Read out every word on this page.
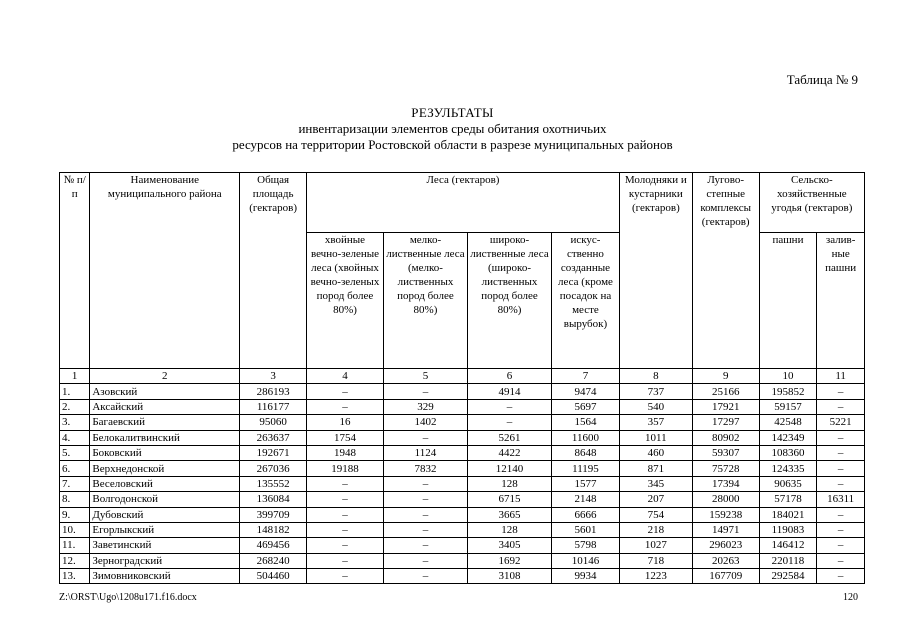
Таблица № 9
РЕЗУЛЬТАТЫ
инвентаризации элементов среды обитания охотничьих
ресурсов на территории Ростовской области в разрезе муниципальных районов
№ п/п	Наименование муниципального района	Общая площадь (гектаров)	Леса (гектаров)				Молодняки и кустарники (гектаров)	Лугово-степные комплексы (гектаров)	Сельско-хозяйственные угодья (гектаров)	
			хвойные вечно-зеленые леса (хвойных вечно-зеленых пород более 80%)	мелко-лиственные леса (мелко-лиственных пород более 80%)	широко-лиственные леса (широко-лиственных пород более 80%)	искус-ственно созданные леса (кроме посадок на месте вырубок)			пашни	залив-ные пашни
1	2	3	4	5	6	7	8	9	10	11
1.	Азовский	286193	–	–	4914	9474	737	25166	195852	–
2.	Аксайский	116177	–	329	–	5697	540	17921	59157	–
3.	Багаевский	95060	16	1402	–	1564	357	17297	42548	5221
4.	Белокалитвинский	263637	1754	–	5261	11600	1011	80902	142349	–
5.	Боковский	192671	1948	1124	4422	8648	460	59307	108360	–
6.	Верхнедонской	267036	19188	7832	12140	11195	871	75728	124335	–
7.	Веселовский	135552	–	–	128	1577	345	17394	90635	–
8.	Волгодонской	136084	–	–	6715	2148	207	28000	57178	16311
9.	Дубовский	399709	–	–	3665	6666	754	159238	184021	–
10.	Егорлыкский	148182	–	–	128	5601	218	14971	119083	–
11.	Заветинский	469456	–	–	3405	5798	1027	296023	146412	–
12.	Зерноградский	268240	–	–	1692	10146	718	20263	220118	–
13.	Зимовниковский	504460	–	–	3108	9934	1223	167709	292584	–
Z:\ORST\Ugo\1208u171.f16.docx	120
